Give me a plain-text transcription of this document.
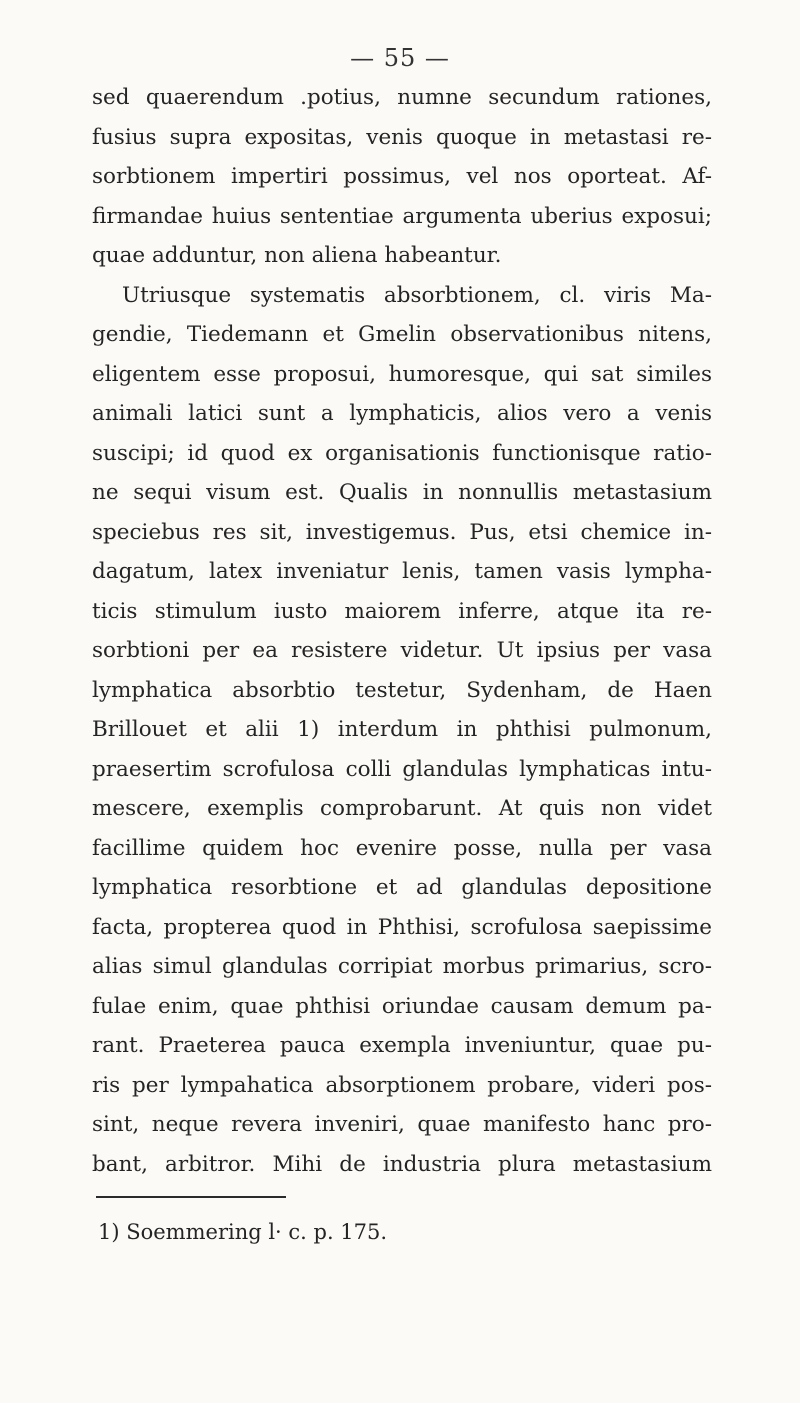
— 55 —
sed quaerendum .potius, numne secundum rationes,
fusius supra expositas, venis quoque in metastasi re-
sorbtionem impertiri possimus, vel nos oporteat. Af-
firmandae huius sententiae argumenta uberius exposui;
quae adduntur, non aliena habeantur.
Utriusque systematis absorbtionem, cl. viris Ma-
gendie, Tiedemann et Gmelin observationibus nitens,
eligentem esse proposui, humoresque, qui sat similes
animali latici sunt a lymphaticis, alios vero a venis
suscipi; id quod ex organisationis functionisque ratio-
ne sequi visum est. Qualis in nonnullis metastasium
speciebus res sit, investigemus. Pus, etsi chemice in-
dagatum, latex inveniatur lenis, tamen vasis lympha-
ticis stimulum iusto maiorem inferre, atque ita re-
sorbtioni per ea resistere videtur. Ut ipsius per vasa
lymphatica absorbtio testetur, Sydenham, de Haen
Brillouet et alii 1) interdum in phthisi pulmonum,
praesertim scrofulosa colli glandulas lymphaticas intu-
mescere, exemplis comprobarunt. At quis non videt
facillime quidem hoc evenire posse, nulla per vasa
lymphatica resorbtione et ad glandulas depositione
facta, propterea quod in Phthisi, scrofulosa saepissime
alias simul glandulas corripiat morbus primarius, scro-
fulae enim, quae phthisi oriundae causam demum pa-
rant. Praeterea pauca exempla inveniuntur, quae pu-
ris per lympahatica absorptionem probare, videri pos-
sint, neque revera inveniri, quae manifesto hanc pro-
bant, arbitror. Mihi de industria plura metastasium
1) Soemmering l· c. p. 175.
